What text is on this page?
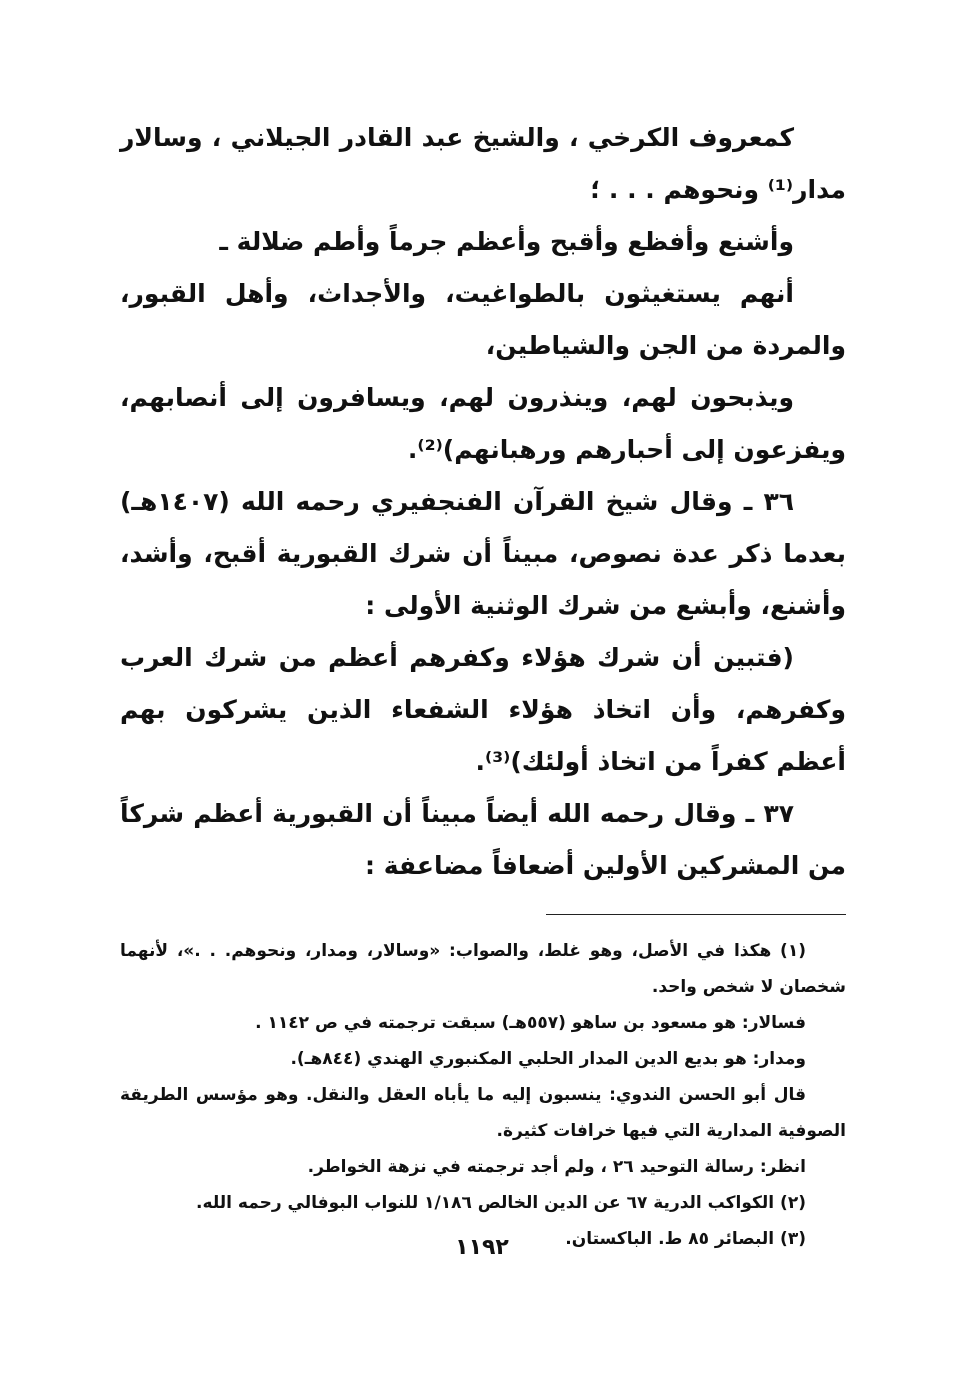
كمعروف الكرخي ، والشيخ عبد القادر الجيلاني ، وسالار مدار⁽¹⁾ ونحوهم . . . ؛

وأشنع وأفظع وأقبح وأعظم جرماً وأطم ضلالة ـ

أنهم يستغيثون بالطواغيت، والأجداث، وأهل القبور، والمردة من الجن والشياطين،

ويذبحون لهم، وينذرون لهم، ويسافرون إلى أنصابهم، ويفزعون إلى أحبارهم ورهبانهم)⁽²⁾.

٣٦ ـ وقال شيخ القرآن الفنجفيري رحمه الله (١٤٠٧هـ) بعدما ذكر عدة نصوص، مبيناً أن شرك القبورية أقبح، وأشد، وأشنع، وأبشع من شرك الوثنية الأولى :

(فتبين أن شرك هؤلاء وكفرهم أعظم من شرك العرب وكفرهم، وأن اتخاذ هؤلاء الشفعاء الذين يشركون بهم أعظم كفراً من اتخاذ أولئك)⁽³⁾.

٣٧ ـ وقال رحمه الله أيضاً مبيناً أن القبورية أعظم شركاً من المشركين الأولين أضعافاً مضاعفة :

(١) هكذا في الأصل، وهو غلط، والصواب: «وسالار، ومدار، ونحوهم. . .»، لأنهما شخصان لا شخص واحد.

فسالار: هو مسعود بن ساهو (٥٥٧هـ) سبقت ترجمته في ص ١١٤٢ .

ومدار: هو بديع الدين المدار الحلبي المكنبوري الهندي (٨٤٤هـ).

قال أبو الحسن الندوي: ينسبون إليه ما يأباه العقل والنقل. وهو مؤسس الطريقة الصوفية المدارية التي فيها خرافات كثيرة.

انظر: رسالة التوحيد ٢٦ ، ولم أجد ترجمته في نزهة الخواطر.

(٢) الكواكب الدرية ٦٧ عن الدين الخالص ١/١٨٦ للنواب البوفالي رحمه الله.

(٣) البصائر ٨٥ ط. الباكستان.

١١٩٢
